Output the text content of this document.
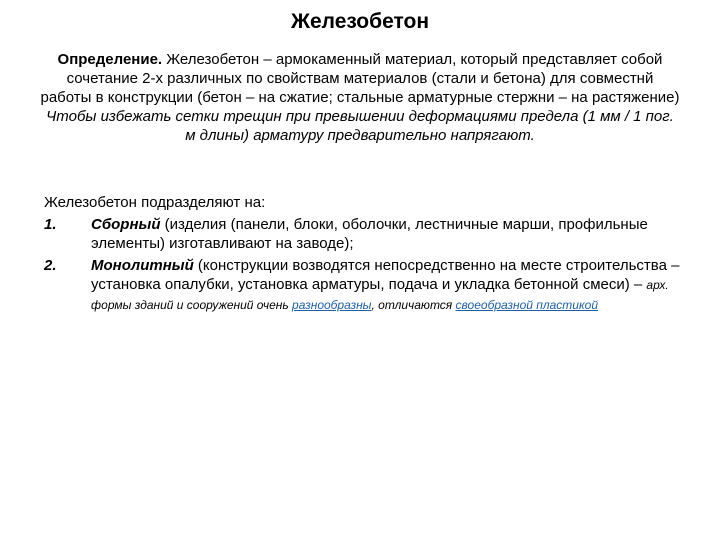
Железобетон
Определение. Железобетон – армокаменный материал, который представляет собой сочетание 2-х различных по свойствам материалов (стали и бетона) для совместнй работы в конструкции (бетон – на сжатие; стальные арматурные стержни – на растяжение)
Чтобы избежать сетки трещин при превышении деформациями предела (1 мм / 1 пог. м длины) арматуру предварительно напрягают.
Железобетон подразделяют на:
1. Сборный (изделия (панели, блоки, оболочки, лестничные марши, профильные элементы) изготавливают на заводе);
2. Монолитный (конструкции возводятся непосредственно на месте строительства – установка опалубки, установка арматуры, подача и укладка бетонной смеси) – арх. формы зданий и сооружений очень разнообразны, отличаются своеобразной пластикой
